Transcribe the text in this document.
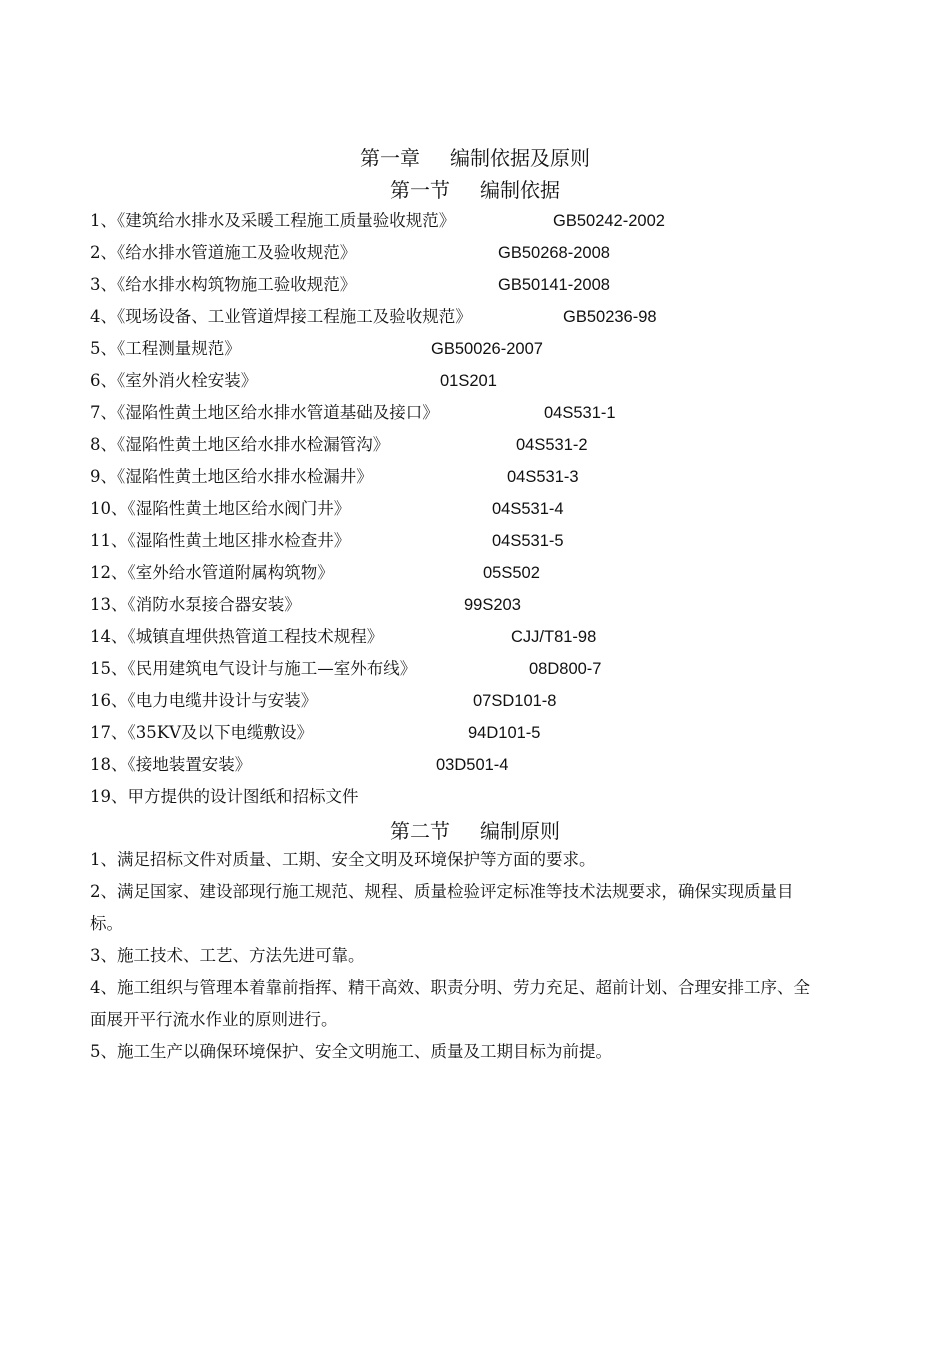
第一章 编制依据及原则
第一节 编制依据
1、《建筑给水排水及采暖工程施工质量验收规范》	GB50242-2002
2、《给水排水管道施工及验收规范》	GB50268-2008
3、《给水排水构筑物施工验收规范》	GB50141-2008
4、《现场设备、工业管道焊接工程施工及验收规范》	GB50236-98
5、《工程测量规范》	GB50026-2007
6、《室外消火栓安装》	01S201
7、《湿陷性黄土地区给水排水管道基础及接口》	04S531-1
8、《湿陷性黄土地区给水排水检漏管沟》	04S531-2
9、《湿陷性黄土地区给水排水检漏井》	04S531-3
10、《湿陷性黄土地区给水阀门井》	04S531-4
11、《湿陷性黄土地区排水检查井》	04S531-5
12、《室外给水管道附属构筑物》	05S502
13、《消防水泵接合器安装》	99S203
14、《城镇直埋供热管道工程技术规程》	CJJ/T81-98
15、《民用建筑电气设计与施工—室外布线》	08D800-7
16、《电力电缆井设计与安装》	07SD101-8
17、《35KV及以下电缆敷设》	94D101-5
18、《接地装置安装》	03D501-4
19、甲方提供的设计图纸和招标文件
第二节 编制原则
1、满足招标文件对质量、工期、安全文明及环境保护等方面的要求。
2、满足国家、建设部现行施工规范、规程、质量检验评定标准等技术法规要求，确保实现质量目标。
3、施工技术、工艺、方法先进可靠。
4、施工组织与管理本着靠前指挥、精干高效、职责分明、劳力充足、超前计划、合理安排工序、全面展开平行流水作业的原则进行。
5、施工生产以确保环境保护、安全文明施工、质量及工期目标为前提。
